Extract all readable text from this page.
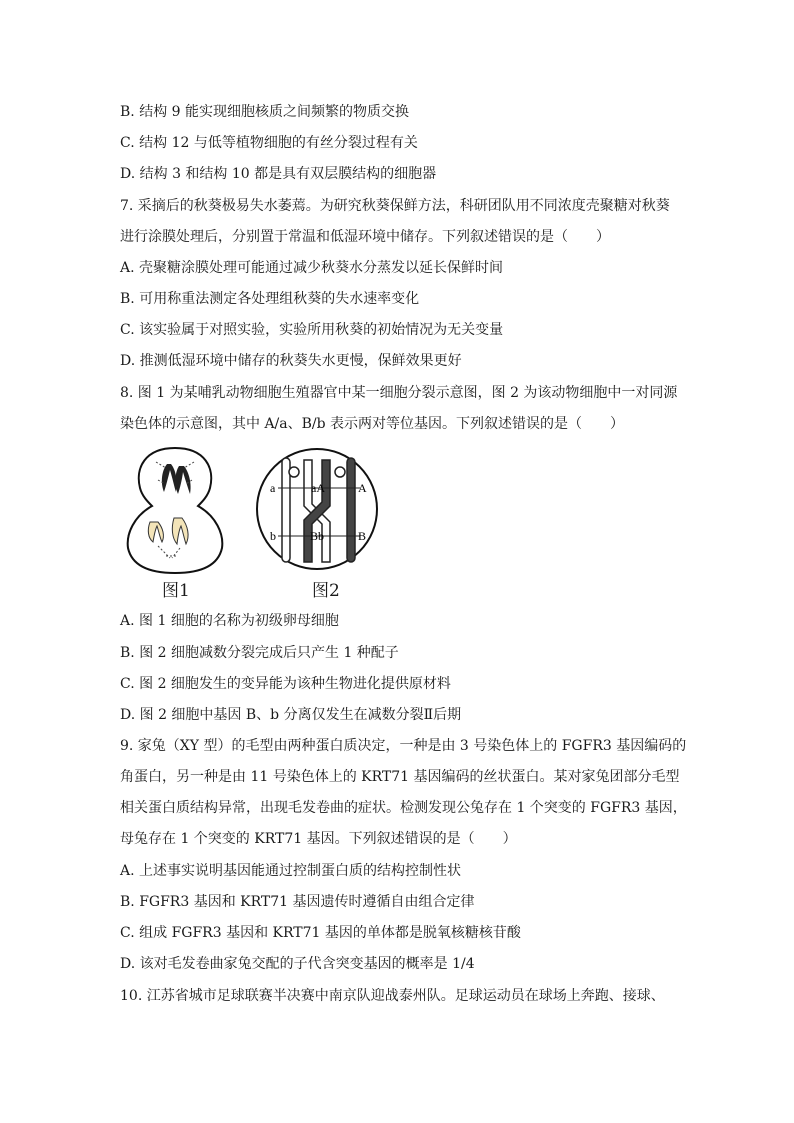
B. 结构 9 能实现细胞核质之间频繁的物质交换

C. 结构 12 与低等植物细胞的有丝分裂过程有关

D. 结构 3 和结构 10 都是具有双层膜结构的细胞器

7. 采摘后的秋葵极易失水萎蔫。为研究秋葵保鲜方法，科研团队用不同浓度壳聚糖对秋葵

进行涂膜处理后，分别置于常温和低湿环境中储存。下列叙述错误的是（　　）

A. 壳聚糖涂膜处理可能通过减少秋葵水分蒸发以延长保鲜时间

B. 可用称重法测定各处理组秋葵的失水速率变化

C. 该实验属于对照实验，实验所用秋葵的初始情况为无关变量

D. 推测低湿环境中储存的秋葵失水更慢，保鲜效果更好

8. 图 1 为某哺乳动物细胞生殖器官中某一细胞分裂示意图，图 2 为该动物细胞中一对同源

染色体的示意图，其中 A/a、B/b 表示两对等位基因。下列叙述错误的是（　　）

a
b
aA
Bb
A
B
图1	图2

A. 图 1 细胞的名称为初级卵母细胞

B. 图 2 细胞减数分裂完成后只产生 1 种配子

C. 图 2 细胞发生的变异能为该种生物进化提供原材料

D. 图 2 细胞中基因 B、b 分离仅发生在减数分裂Ⅱ后期

9. 家兔（XY 型）的毛型由两种蛋白质决定，一种是由 3 号染色体上的 FGFR3 基因编码的

角蛋白，另一种是由 11 号染色体上的 KRT71 基因编码的丝状蛋白。某对家兔团部分毛型

相关蛋白质结构异常，出现毛发卷曲的症状。检测发现公兔存在 1 个突变的 FGFR3 基因，

母兔存在 1 个突变的 KRT71 基因。下列叙述错误的是（　　）

A. 上述事实说明基因能通过控制蛋白质的结构控制性状

B. FGFR3 基因和 KRT71 基因遗传时遵循自由组合定律

C. 组成 FGFR3 基因和 KRT71 基因的单体都是脱氧核糖核苷酸

D. 该对毛发卷曲家兔交配的子代含突变基因的概率是 1/4

10. 江苏省城市足球联赛半决赛中南京队迎战泰州队。足球运动员在球场上奔跑、接球、
